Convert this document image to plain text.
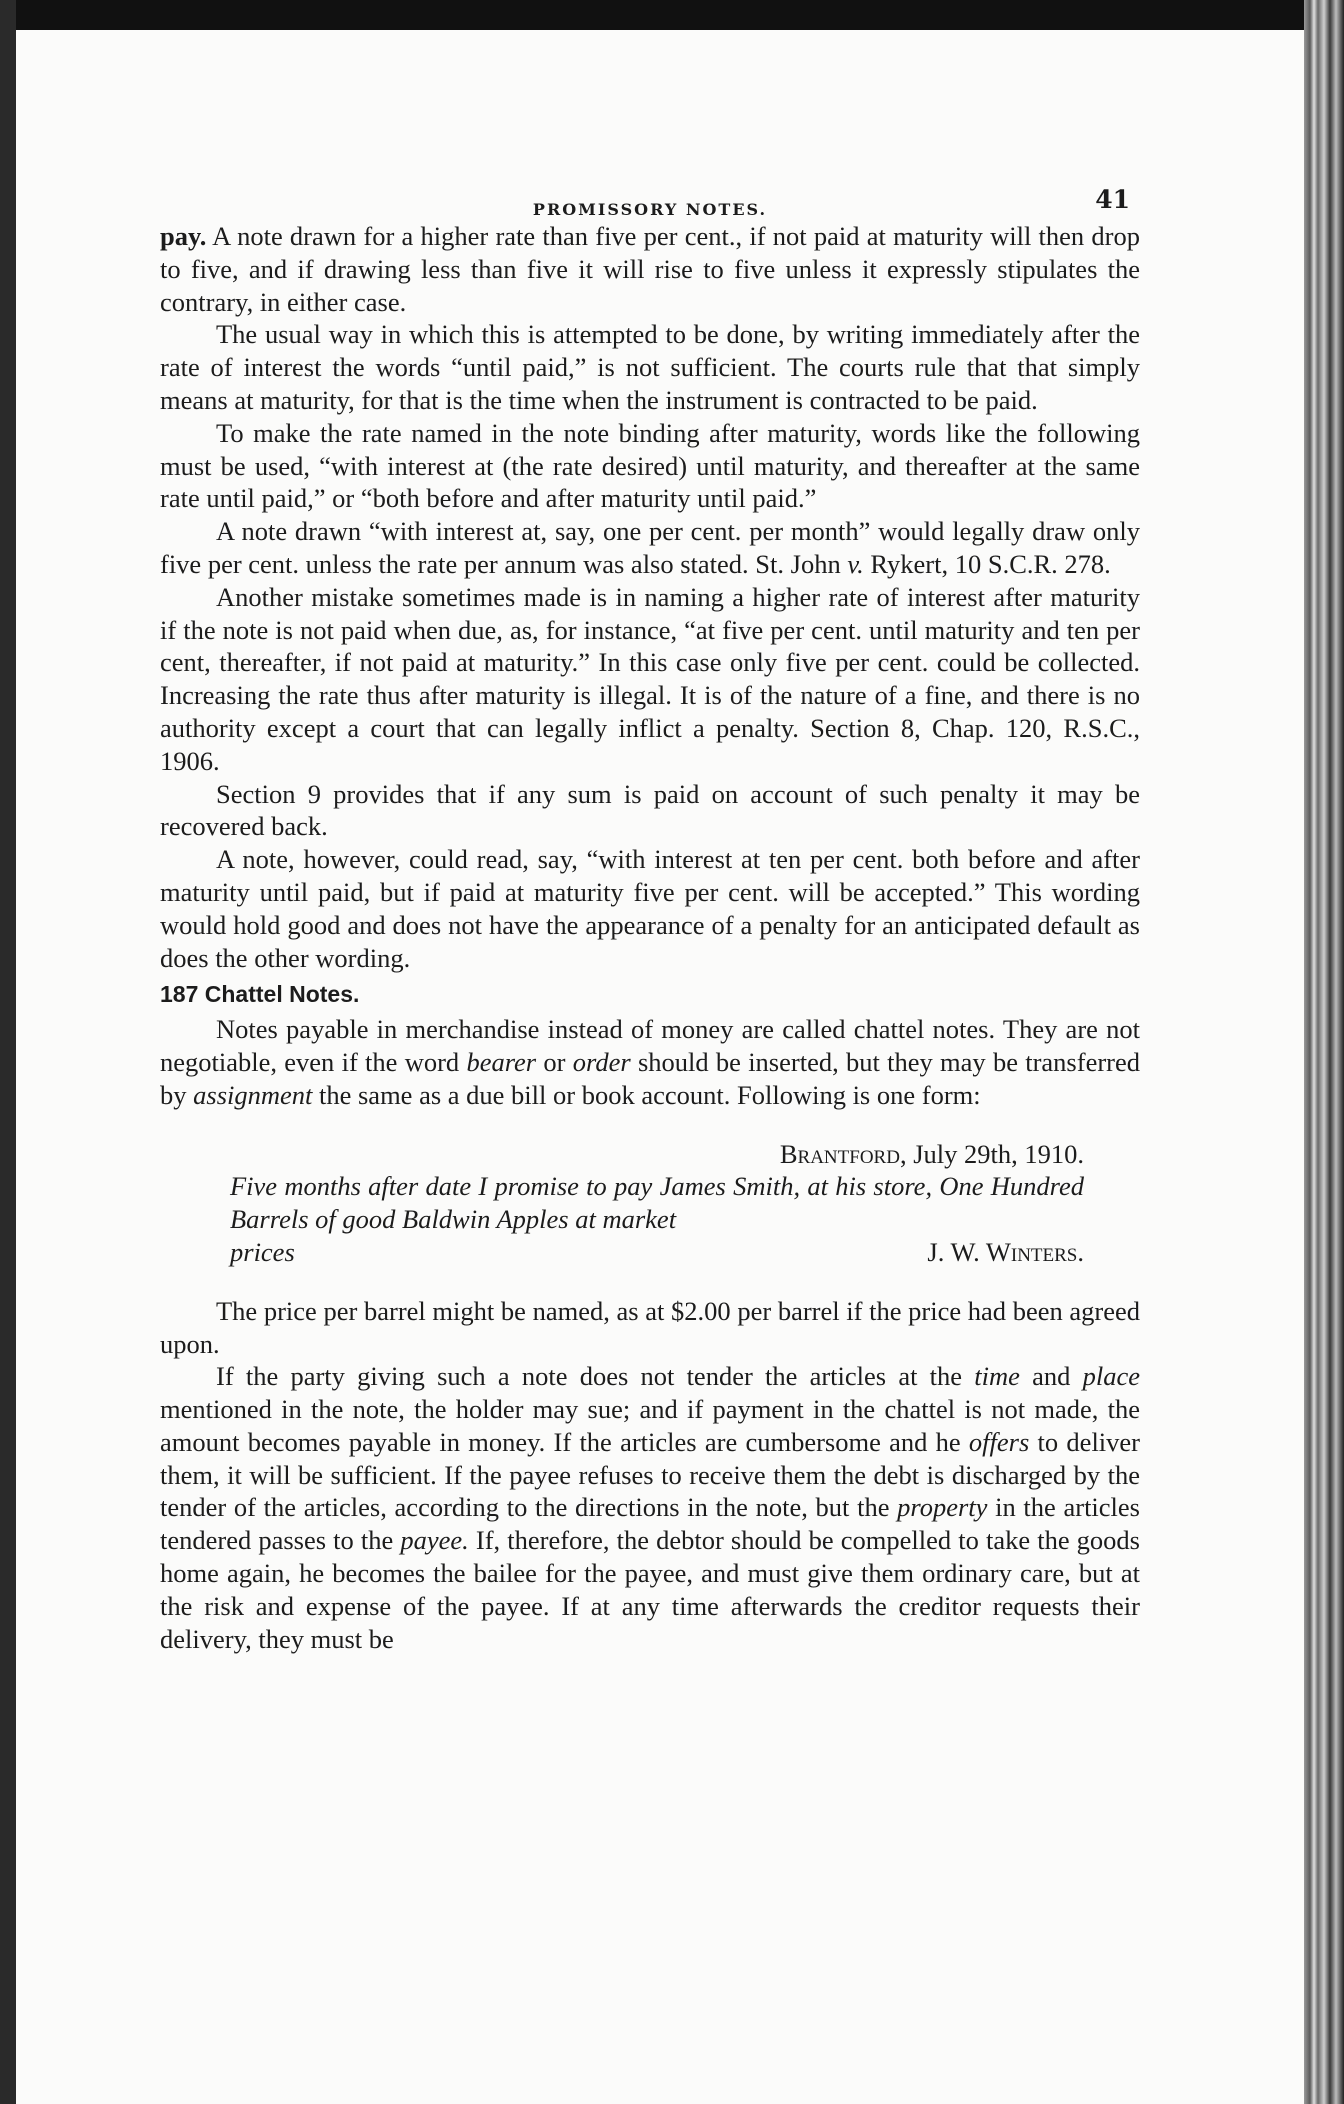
PROMISSORY NOTES.	41

pay. A note drawn for a higher rate than five per cent., if not paid at maturity will then drop to five, and if drawing less than five it will rise to five unless it expressly stipulates the contrary, in either case.

The usual way in which this is attempted to be done, by writing immediately after the rate of interest the words “until paid,” is not sufficient. The courts rule that that simply means at maturity, for that is the time when the instrument is contracted to be paid.

To make the rate named in the note binding after maturity, words like the following must be used, “with interest at (the rate desired) until maturity, and thereafter at the same rate until paid,” or “both before and after maturity until paid.”

A note drawn “with interest at, say, one per cent. per month” would legally draw only five per cent. unless the rate per annum was also stated. St. John v. Rykert, 10 S.C.R. 278.

Another mistake sometimes made is in naming a higher rate of interest after maturity if the note is not paid when due, as, for instance, “at five per cent. until maturity and ten per cent, thereafter, if not paid at maturity.” In this case only five per cent. could be collected. Increasing the rate thus after maturity is illegal. It is of the nature of a fine, and there is no authority except a court that can legally inflict a penalty. Section 8, Chap. 120, R.S.C., 1906.

Section 9 provides that if any sum is paid on account of such penalty it may be recovered back.

A note, however, could read, say, “with interest at ten per cent. both before and after maturity until paid, but if paid at maturity five per cent. will be accepted.” This wording would hold good and does not have the appearance of a penalty for an anticipated default as does the other wording.

187 Chattel Notes.

Notes payable in merchandise instead of money are called chattel notes. They are not negotiable, even if the word bearer or order should be inserted, but they may be transferred by assignment the same as a due bill or book account. Following is one form:

Brantford, July 29th, 1910.
Five months after date I promise to pay James Smith, at his store, One Hundred Barrels of good Baldwin Apples at market
prices	J. W. Winters.

The price per barrel might be named, as at $2.00 per barrel if the price had been agreed upon.

If the party giving such a note does not tender the articles at the time and place mentioned in the note, the holder may sue; and if payment in the chattel is not made, the amount becomes payable in money. If the articles are cumbersome and he offers to deliver them, it will be sufficient. If the payee refuses to receive them the debt is discharged by the tender of the articles, according to the directions in the note, but the property in the articles tendered passes to the payee. If, therefore, the debtor should be compelled to take the goods home again, he becomes the bailee for the payee, and must give them ordinary care, but at the risk and expense of the payee. If at any time afterwards the creditor requests their delivery, they must be
